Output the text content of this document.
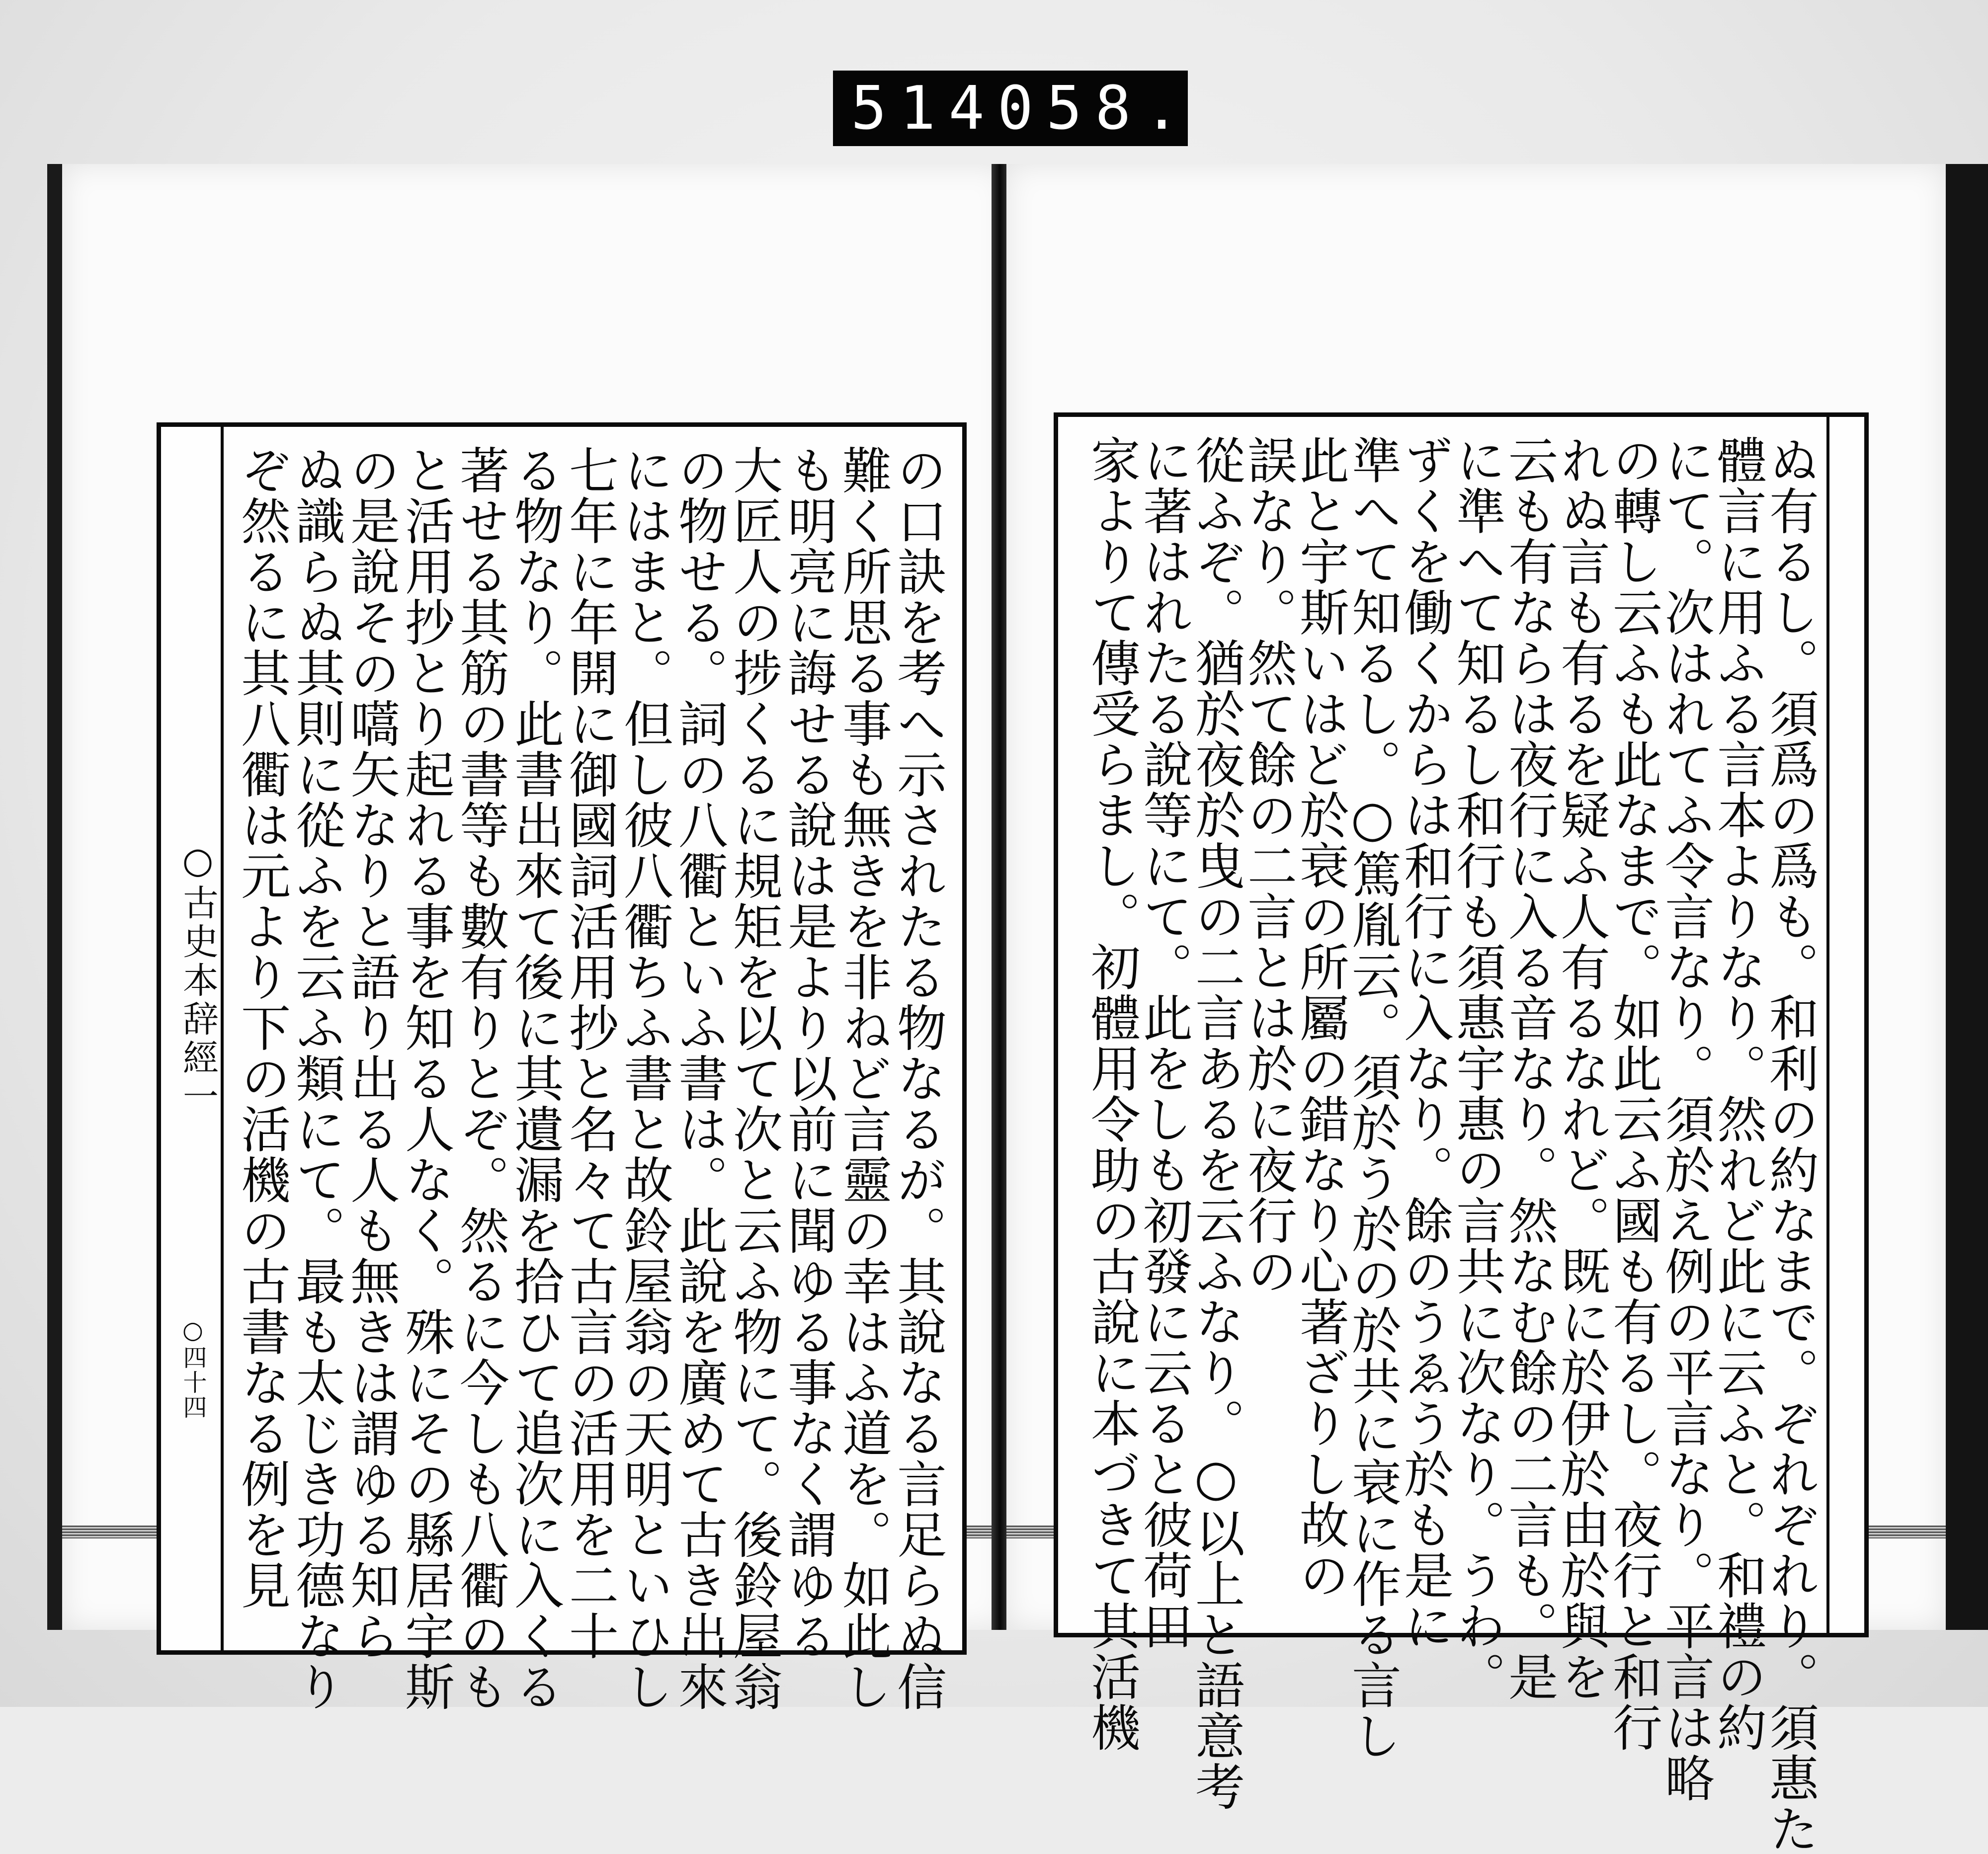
514 058.
の口訣を考へ示されたる物なるが。其說なる言足らぬ信
難く所思る事も無きを非ねど言靈の幸はふ道を。如此し
も明亮に誨せる說は是より以前に聞ゆる事なく謂ゆる
大匠人の捗くるに規矩を以て次と云ふ物にて。後鈴屋翁
の物せる。詞の八衢といふ書は。此說を廣めて古き出來
にはまと。但し彼八衢ちふ書と故鈴屋翁の天明といひし
七年に年開に御國詞活用抄と名々て古言の活用を二十
る物なり。此書出來て後に其遺漏を拾ひて追次に入くる
著せる其筋の書等も數有りとぞ。然るに今しも八衢のも
と活用抄とり起れる事を知る人なく。殊にその縣居宇斯
の是說その嚆矢なりと語り出る人も無きは謂ゆる知ら
ぬ識らぬ其則に從ふを云ふ類にて。最も太じき功德なり
ぞ然るに其八衢は元より下の活機の古書なる例を見
○古史本辞經一
○四十四	ぬ有るし。須爲の爲も。和利の約なまで。ぞれぞれり。須惠た
體言に用ふる言本よりなり。然れど此に云ふと。和禮の約
にて。次はれてふ令言なり。須於え例の平言なり。平言は略
の轉し云ふも此なまで。如此云ふ國も有るし。夜行と和行
れぬ言も有るを疑ふ人有るなれど。既に於伊於由於與を
云も有ならは夜行に入る音なり。然なむ餘の二言も。是
に準へて知るし和行も須惠宇惠の言共に次なり。うわ。
ずくを働くからは和行に入なり。餘のうゑう於も是に
準へて知るし。○篤胤云。須於う於の於共に衰に作る言し
此と宇斯いはど於衰の所屬の錯なり心著ざりし故の
誤なり。然て餘の二言とは於に夜行の
從ふぞ。猶於夜於曳の二言あるを云ふなり。○以上と語意考
に著はれたる說等にて。此をしも初發に云ると彼荷田
家よりて傳受らまし。初體用令助の古說に本づきて其活機
